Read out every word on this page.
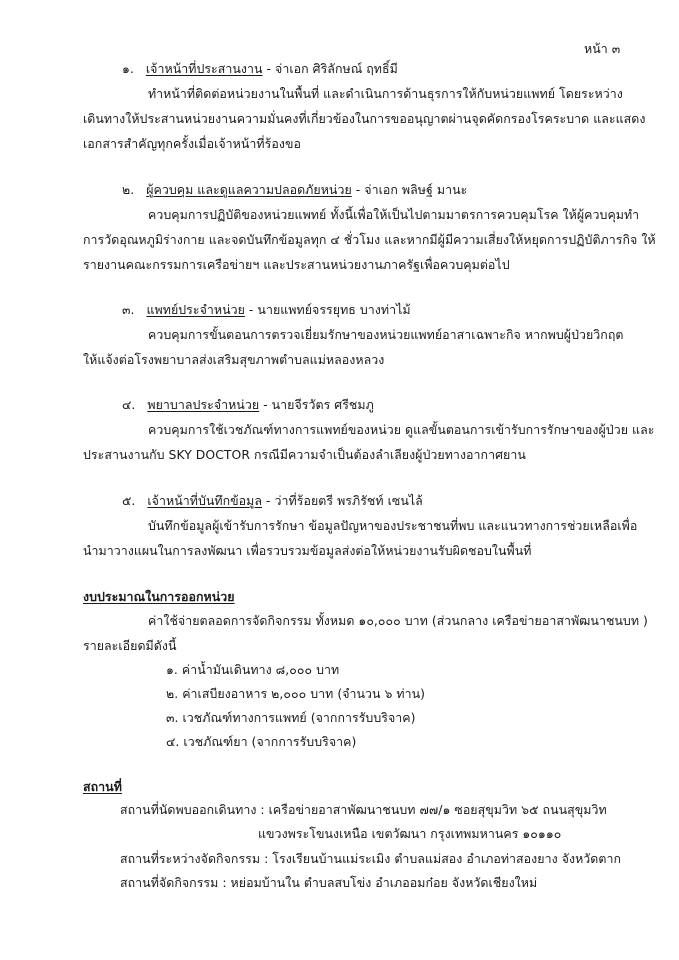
หน้า ๓
๑. เจ้าหน้าที่ประสานงาน - จ่าเอก ศิริลักษณ์ ฤทธิ์มี
ทำหน้าที่ติดต่อหน่วยงานในพื้นที่ และดำเนินการด้านธุรการให้กับหน่วยแพทย์ โดยระหว่าง
เดินทางให้ประสานหน่วยงานความมั่นคงที่เกี่ยวข้องในการขออนุญาตผ่านจุดคัดกรองโรคระบาด และแสดง
เอกสารสำคัญทุกครั้งเมื่อเจ้าหน้าที่ร้องขอ
๒. ผู้ควบคุม และดูแลความปลอดภัยหน่วย - จ่าเอก พลิษฐ์ มานะ
ควบคุมการปฏิบัติของหน่วยแพทย์ ทั้งนี้เพื่อให้เป็นไปตามมาตรการควบคุมโรค ให้ผู้ควบคุมทำ
การวัดอุณหภูมิร่างกาย และจดบันทึกข้อมูลทุก ๔ ชั่วโมง และหากมีผู้มีความเสี่ยงให้หยุดการปฏิบัติภารกิจ ให้
รายงานคณะกรรมการเครือข่ายฯ และประสานหน่วยงานภาครัฐเพื่อควบคุมต่อไป
๓. แพทย์ประจำหน่วย - นายแพทย์จรรยุทธ บางท่าไม้
ควบคุมการขั้นตอนการตรวจเยี่ยมรักษาของหน่วยแพทย์อาสาเฉพาะกิจ หากพบผู้ป่วยวิกฤต
ให้แจ้งต่อโรงพยาบาลส่งเสริมสุขภาพตำบลแม่หลองหลวง
๔. พยาบาลประจำหน่วย - นายจีรวัตร ศรีชมภู
ควบคุมการใช้เวชภัณฑ์ทางการแพทย์ของหน่วย ดูแลขั้นตอนการเข้ารับการรักษาของผู้ป่วย และ
ประสานงานกับ SKY DOCTOR กรณีมีความจำเป็นต้องลำเลียงผู้ป่วยทางอากาศยาน
๕. เจ้าหน้าที่บันทึกข้อมูล - ว่าที่ร้อยตรี พรภิรัชท์ เซนไล้
บันทึกข้อมูลผู้เข้ารับการรักษา ข้อมูลปัญหาของประชาชนที่พบ และแนวทางการช่วยเหลือเพื่อ
นำมาวางแผนในการลงพัฒนา เพื่อรวบรวมข้อมูลส่งต่อให้หน่วยงานรับผิดชอบในพื้นที่
งบประมาณในการออกหน่วย
ค่าใช้จ่ายตลอดการจัดกิจกรรม ทั้งหมด ๑๐,๐๐๐ บาท (ส่วนกลาง เครือข่ายอาสาพัฒนาชนบท )
รายละเอียดมีดังนี้
๑. ค่าน้ำมันเดินทาง ๘,๐๐๐ บาท
๒. ค่าเสบียงอาหาร ๒,๐๐๐ บาท (จำนวน ๖ ท่าน)
๓. เวชภัณฑ์ทางการแพทย์ (จากการรับบริจาค)
๔. เวชภัณฑ์ยา (จากการรับบริจาค)
สถานที่
สถานที่นัดพบออกเดินทาง : เครือข่ายอาสาพัฒนาชนบท ๗๗/๑ ซอยสุขุมวิท ๖๕ ถนนสุขุมวิท
แขวงพระโขนงเหนือ เขตวัฒนา กรุงเทพมหานคร ๑๐๑๑๐
สถานที่ระหว่างจัดกิจกรรม : โรงเรียนบ้านแม่ระเมิง ตำบลแม่สอง อำเภอท่าสองยาง จังหวัดตาก
สถานที่จัดกิจกรรม : หย่อมบ้านใน ตำบลสบโข่ง อำเภออมก๋อย จังหวัดเชียงใหม่
